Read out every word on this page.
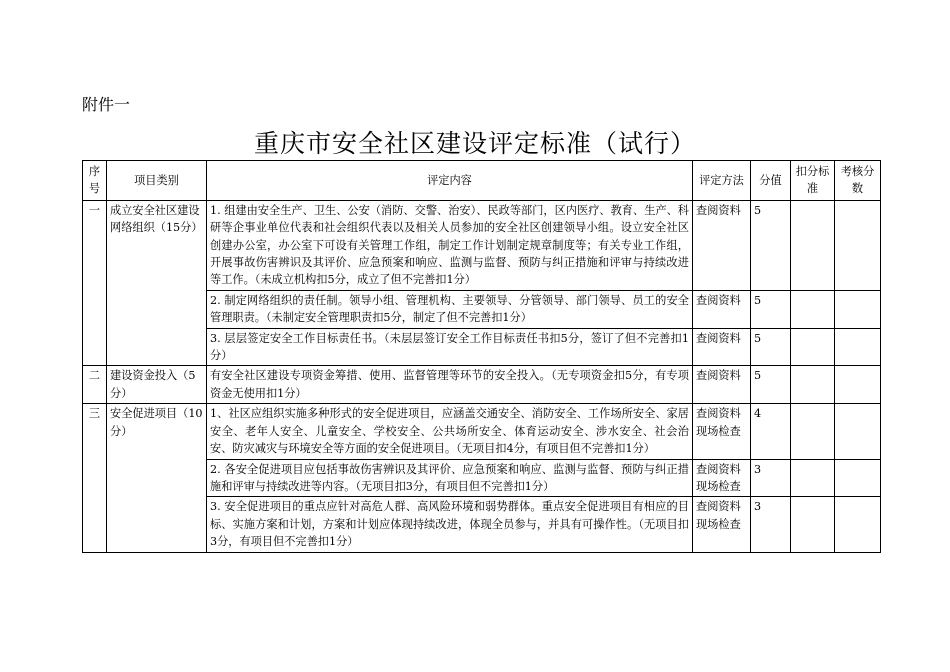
附件一
重庆市安全社区建设评定标准（试行）
序号	项目类别	评定内容	评定方法	分值	扣分标准	考核分数
一	成立安全社区建设网络组织（15分）	1. 组建由安全生产、卫生、公安（消防、交警、治安）、民政等部门，区内医疗、教育、生产、科研等企事业单位代表和社会组织代表以及相关人员参加的安全社区创建领导小组。设立安全社区创建办公室，办公室下可设有关管理工作组，制定工作计划制定规章制度等；有关专业工作组，开展事故伤害辨识及其评价、应急预案和响应、监测与监督、预防与纠正措施和评审与持续改进等工作。（未成立机构扣5分，成立了但不完善扣1分）	查阅资料	5		
		2. 制定网络组织的责任制。领导小组、管理机构、主要领导、分管领导、部门领导、员工的安全管理职责。（未制定安全管理职责扣5分，制定了但不完善扣1分）	查阅资料	5		
		3. 层层签定安全工作目标责任书。（未层层签订安全工作目标责任书扣5分，签订了但不完善扣1分）	查阅资料	5		
二	建设资金投入（5分）	有安全社区建设专项资金筹措、使用、监督管理等环节的安全投入。（无专项资金扣5分，有专项资金无使用扣1分）	查阅资料	5		
三	安全促进项目（10分）	1、社区应组织实施多种形式的安全促进项目，应涵盖交通安全、消防安全、工作场所安全、家居安全、老年人安全、儿童安全、学校安全、公共场所安全、体育运动安全、涉水安全、社会治安、防灾减灾与环境安全等方面的安全促进项目。（无项目扣4分，有项目但不完善扣1分）	查阅资料现场检查	4		
		2. 各安全促进项目应包括事故伤害辨识及其评价、应急预案和响应、监测与监督、预防与纠正措施和评审与持续改进等内容。（无项目扣3分，有项目但不完善扣1分）	查阅资料现场检查	3		
		3. 安全促进项目的重点应针对高危人群、高风险环境和弱势群体。重点安全促进项目有相应的目标、实施方案和计划，方案和计划应体现持续改进，体现全员参与，并具有可操作性。（无项目扣3分，有项目但不完善扣1分）	查阅资料现场检查	3		
